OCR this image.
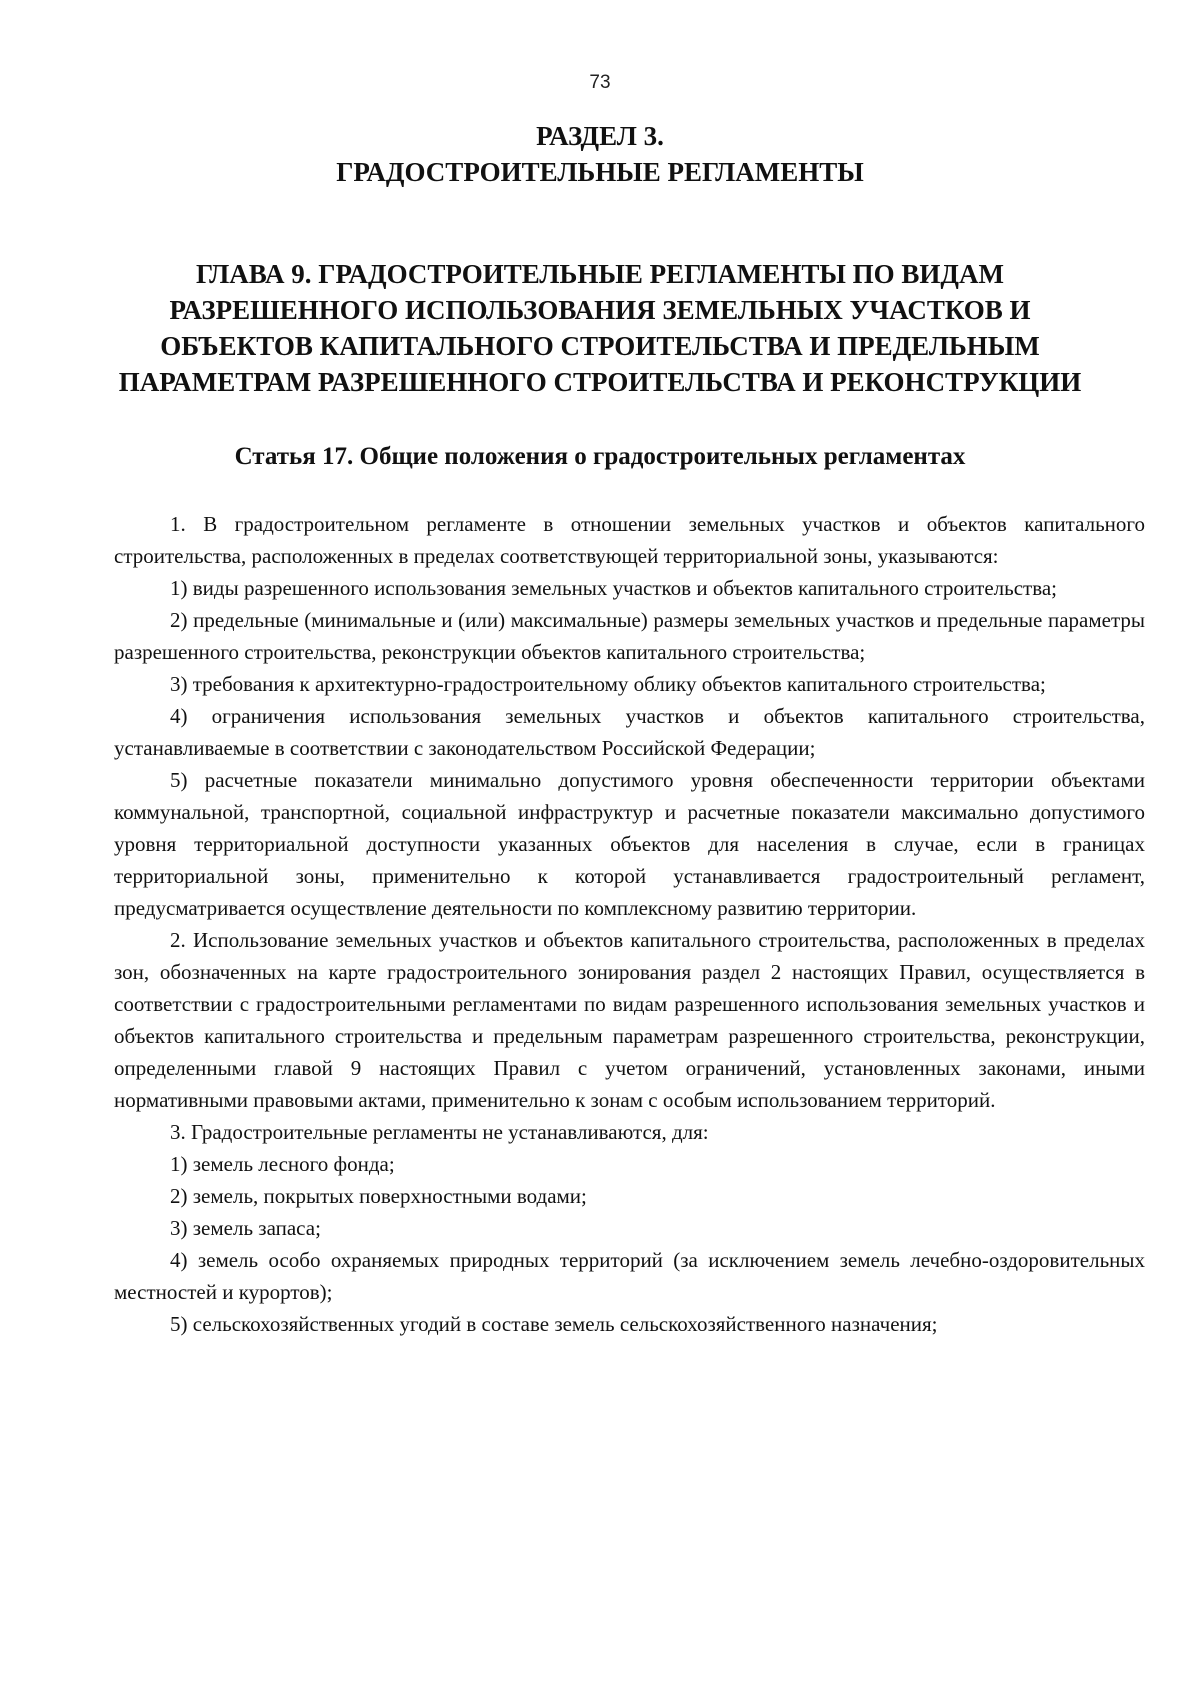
73
РАЗДЕЛ 3.
ГРАДОСТРОИТЕЛЬНЫЕ РЕГЛАМЕНТЫ
ГЛАВА 9. ГРАДОСТРОИТЕЛЬНЫЕ РЕГЛАМЕНТЫ ПО ВИДАМ
РАЗРЕШЕННОГО ИСПОЛЬЗОВАНИЯ ЗЕМЕЛЬНЫХ УЧАСТКОВ И
ОБЪЕКТОВ КАПИТАЛЬНОГО СТРОИТЕЛЬСТВА И ПРЕДЕЛЬНЫМ
ПАРАМЕТРАМ РАЗРЕШЕННОГО СТРОИТЕЛЬСТВА И РЕКОНСТРУКЦИИ
Статья 17. Общие положения о градостроительных регламентах

1. В градостроительном регламенте в отношении земельных участков и объектов капитального строительства, расположенных в пределах соответствующей территориальной зоны, указываются:

1) виды разрешенного использования земельных участков и объектов капитального строительства;

2) предельные (минимальные и (или) максимальные) размеры земельных участков и предельные параметры разрешенного строительства, реконструкции объектов капитального строительства;

3) требования к архитектурно-градостроительному облику объектов капитального строительства;

4) ограничения использования земельных участков и объектов капитального строительства, устанавливаемые в соответствии с законодательством Российской Федерации;

5) расчетные показатели минимально допустимого уровня обеспеченности территории объектами коммунальной, транспортной, социальной инфраструктур и расчетные показатели максимально допустимого уровня территориальной доступности указанных объектов для населения в случае, если в границах территориальной зоны, применительно к которой устанавливается градостроительный регламент, предусматривается осуществление деятельности по комплексному развитию территории.

2. Использование земельных участков и объектов капитального строительства, расположенных в пределах зон, обозначенных на карте градостроительного зонирования раздел 2 настоящих Правил, осуществляется в соответствии с градостроительными регламентами по видам разрешенного использования земельных участков и объектов капитального строительства и предельным параметрам разрешенного строительства, реконструкции, определенными главой 9 настоящих Правил с учетом ограничений, установленных законами, иными нормативными правовыми актами, применительно к зонам с особым использованием территорий.

3. Градостроительные регламенты не устанавливаются, для:

1) земель лесного фонда;

2) земель, покрытых поверхностными водами;

3) земель запаса;

4) земель особо охраняемых природных территорий (за исключением земель лечебно-оздоровительных местностей и курортов);

5) сельскохозяйственных угодий в составе земель сельскохозяйственного назначения;
